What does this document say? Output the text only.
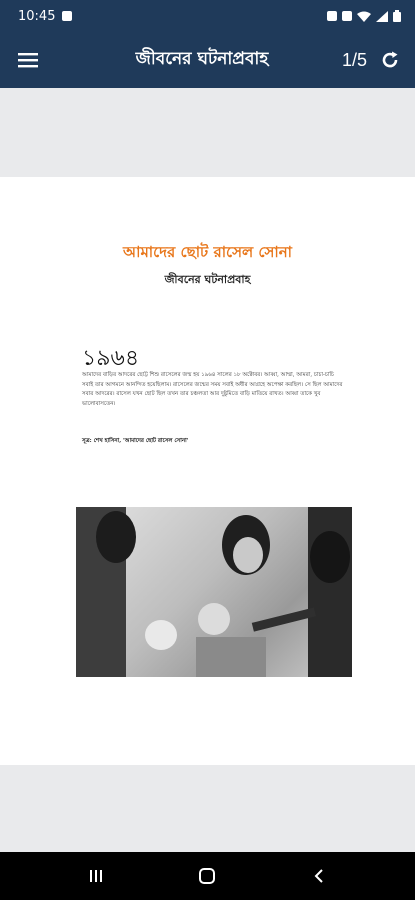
10:45
জীবনের ঘটনাপ্রবাহ	1/5
আমাদের ছোট রাসেল সোনা
জীবনের ঘটনাপ্রবাহ
১৯৬৪
আমাদের বাড়ির আদরের ছোট্ট শিশু রাসেলের জন্ম হয় ১৯৬৪ সালের ১৮ অক্টোবর। আব্বা, আম্মা, আমরা, চাচা-চাচি সবাই তার আগমনে আনন্দিত হয়েছিলাম। রাসেলের জন্মের সময় সবাই অধীর আগ্রহে অপেক্ষা করছিল। সে ছিল আমাদের সবার আদরের। রাসেল যখন ছোট ছিল তখন তার চঞ্চলতা আর দুষ্টুমিতে বাড়ি মাতিয়ে রাখত। আব্বা তাকে খুব ভালোবাসতেন।
সূত্র: শেখ হাসিনা, 'আমাদের ছোট রাসেল সোনা'
